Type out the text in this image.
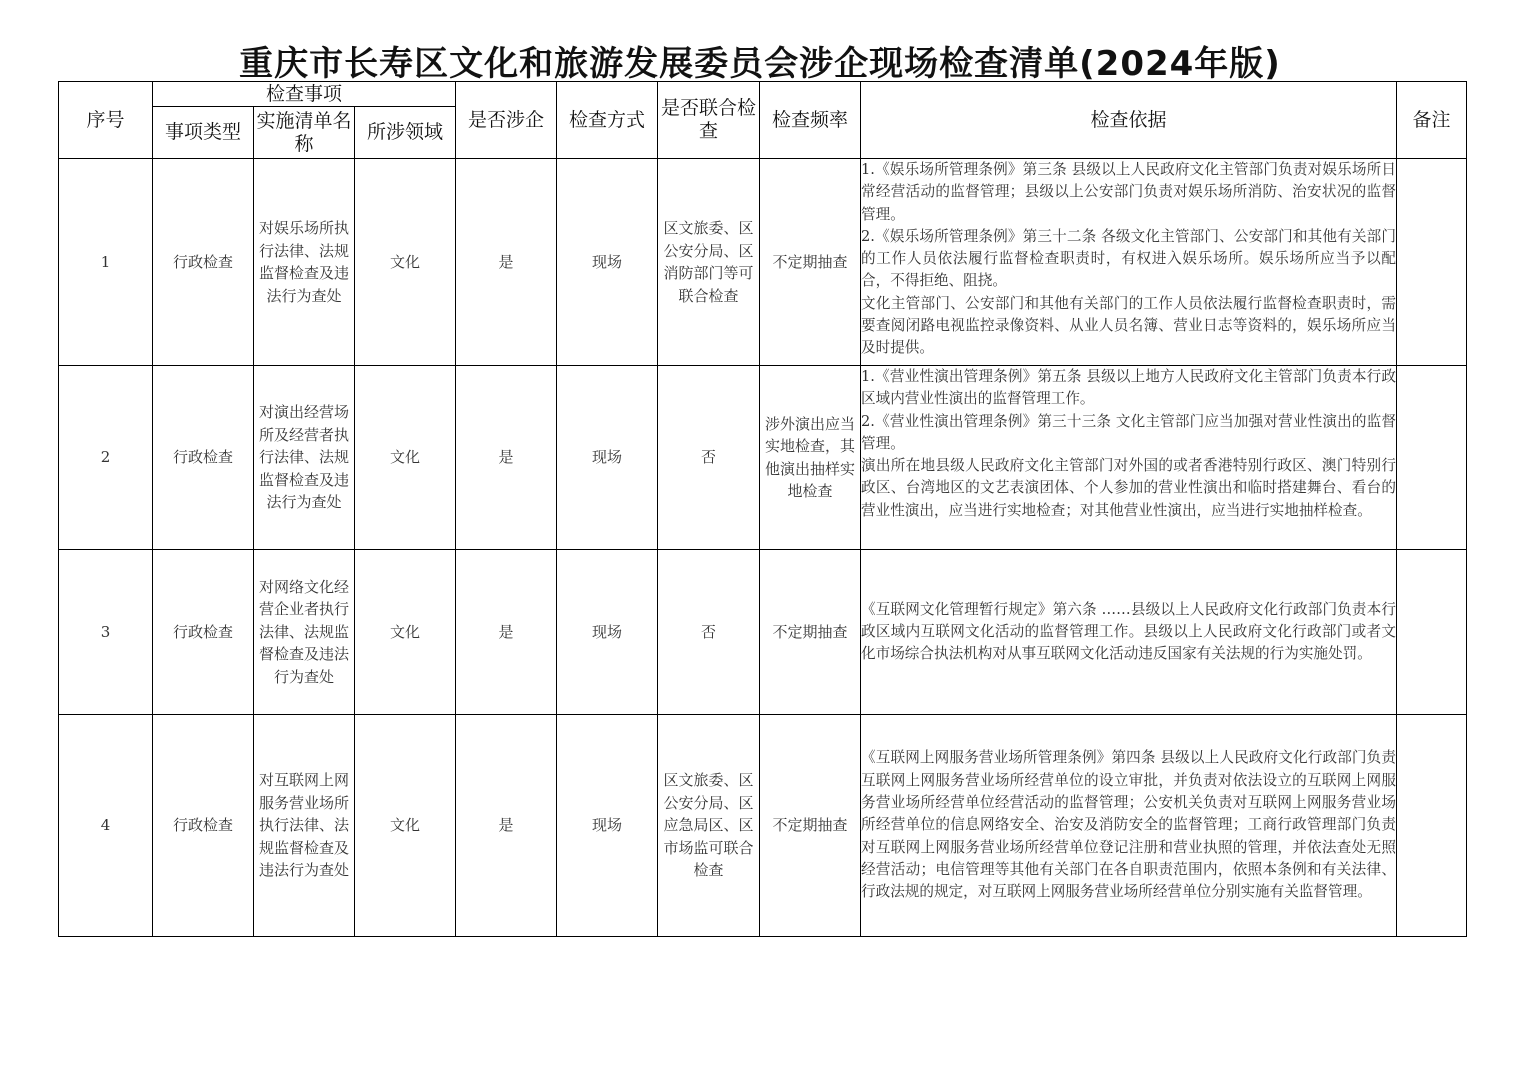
重庆市长寿区文化和旅游发展委员会涉企现场检查清单(2024年版)
序号	检查事项			是否涉企	检查方式	是否联合检查	检查频率	检查依据	备注
	事项类型	实施清单名称	所涉领域						
1	行政检查	对娱乐场所执行法律、法规监督检查及违法行为查处	文化	是	现场	区文旅委、区公安分局、区消防部门等可联合检查	不定期抽查	1.《娱乐场所管理条例》第三条 县级以上人民政府文化主管部门负责对娱乐场所日常经营活动的监督管理；县级以上公安部门负责对娱乐场所消防、治安状况的监督管理。
2.《娱乐场所管理条例》第三十二条 各级文化主管部门、公安部门和其他有关部门的工作人员依法履行监督检查职责时，有权进入娱乐场所。娱乐场所应当予以配合，不得拒绝、阻挠。
文化主管部门、公安部门和其他有关部门的工作人员依法履行监督检查职责时，需要查阅闭路电视监控录像资料、从业人员名簿、营业日志等资料的，娱乐场所应当及时提供。	

2	行政检查	对演出经营场所及经营者执行法律、法规监督检查及违法行为查处	文化	是	现场	否	涉外演出应当实地检查，其他演出抽样实地检查	1.《营业性演出管理条例》第五条 县级以上地方人民政府文化主管部门负责本行政区域内营业性演出的监督管理工作。
2.《营业性演出管理条例》第三十三条 文化主管部门应当加强对营业性演出的监督管理。
演出所在地县级人民政府文化主管部门对外国的或者香港特别行政区、澳门特别行政区、台湾地区的文艺表演团体、个人参加的营业性演出和临时搭建舞台、看台的营业性演出，应当进行实地检查；对其他营业性演出，应当进行实地抽样检查。	

3	行政检查	对网络文化经营企业者执行法律、法规监督检查及违法行为查处	文化	是	现场	否	不定期抽查	《互联网文化管理暂行规定》第六条 ……县级以上人民政府文化行政部门负责本行政区域内互联网文化活动的监督管理工作。县级以上人民政府文化行政部门或者文化市场综合执法机构对从事互联网文化活动违反国家有关法规的行为实施处罚。	

4	行政检查	对互联网上网服务营业场所执行法律、法规监督检查及违法行为查处	文化	是	现场	区文旅委、区公安分局、区应急局区、区市场监可联合检查	不定期抽查	《互联网上网服务营业场所管理条例》第四条 县级以上人民政府文化行政部门负责互联网上网服务营业场所经营单位的设立审批，并负责对依法设立的互联网上网服务营业场所经营单位经营活动的监督管理；公安机关负责对互联网上网服务营业场所经营单位的信息网络安全、治安及消防安全的监督管理；工商行政管理部门负责对互联网上网服务营业场所经营单位登记注册和营业执照的管理，并依法查处无照经营活动；电信管理等其他有关部门在各自职责范围内，依照本条例和有关法律、行政法规的规定，对互联网上网服务营业场所经营单位分别实施有关监督管理。	
